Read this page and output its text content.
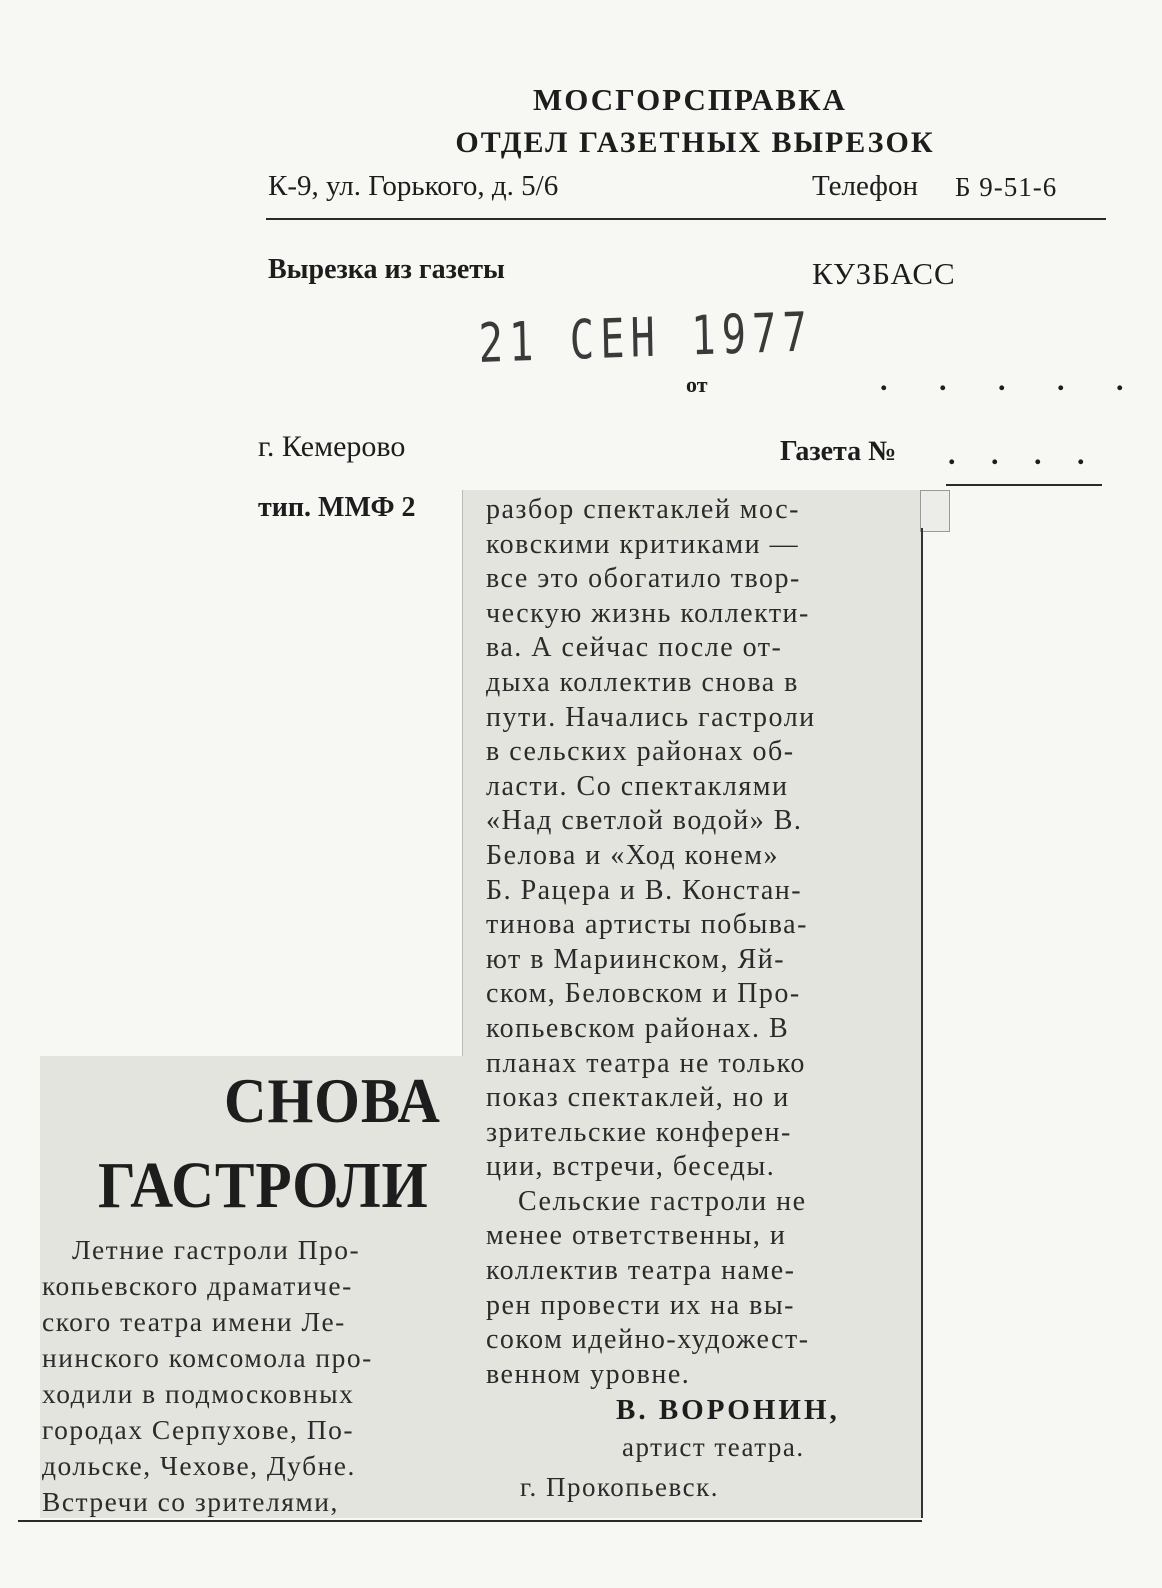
МОСГОРСПРАВКА
ОТДЕЛ ГАЗЕТНЫХ ВЫРЕЗОК
К-9, ул. Горького, д. 5/6	Телефон Б 9-51-6
Вырезка из газеты	КУЗБАСС
21 СЕН 1977
от	. . . . .
г. Кемерово	Газета № . . . .
тип. ММФ 2
СНОВА
ГАСТРОЛИ
Летние гастроли Про-
копьевского драматиче-
ского театра имени Ле-
нинского комсомола про-
ходили в подмосковных
городах Серпухове, По-
дольске, Чехове, Дубне.
Встречи со зрителями,
разбор спектаклей мос-
ковскими критиками —
все это обогатило твор-
ческую жизнь коллекти-
ва. А сейчас после от-
дыха коллектив снова в
пути. Начались гастроли
в сельских районах об-
ласти. Со спектаклями
«Над светлой водой» В.
Белова и «Ход конем»
Б. Рацера и В. Констан-
тинова артисты побыва-
ют в Мариинском, Яй-
ском, Беловском и Про-
копьевском районах. В
планах театра не только
показ спектаклей, но и
зрительские конферен-
ции, встречи, беседы.
Сельские гастроли не
менее ответственны, и
коллектив театра наме-
рен провести их на вы-
соком идейно-художест-
венном уровне.
В. ВОРОНИН,
артист театра.
г. Прокопьевск.
